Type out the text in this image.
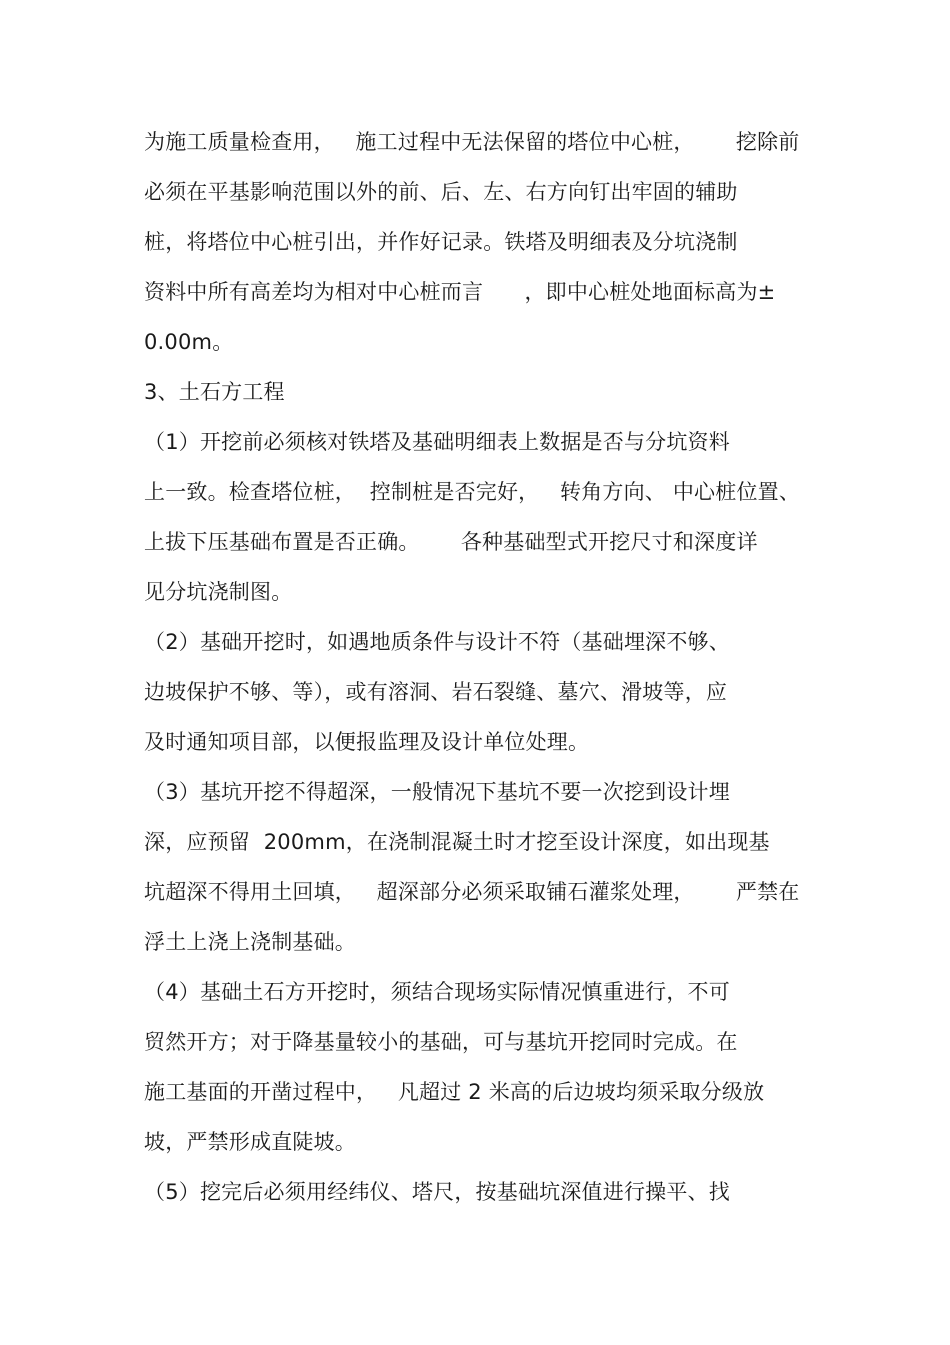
为施工质量检查用，   施工过程中无法保留的塔位中心桩，      挖除前
必须在平基影响范围以外的前、后、左、右方向钉出牢固的辅助
桩，将塔位中心桩引出，并作好记录。铁塔及明细表及分坑浇制
资料中所有高差均为相对中心桩而言      ，即中心桩处地面标高为±
0.00m。
3、土石方工程
（1）开挖前必须核对铁塔及基础明细表上数据是否与分坑资料
上一致。检查塔位桩，  控制桩是否完好，   转角方向、 中心桩位置、
上拔下压基础布置是否正确。      各种基础型式开挖尺寸和深度详
见分坑浇制图。
（2）基础开挖时，如遇地质条件与设计不符（基础埋深不够、
边坡保护不够、等），或有溶洞、岩石裂缝、墓穴、滑坡等，应
及时通知项目部，以便报监理及设计单位处理。
（3）基坑开挖不得超深，一般情况下基坑不要一次挖到设计埋
深，应预留  200mm，在浇制混凝土时才挖至设计深度，如出现基
坑超深不得用土回填，   超深部分必须采取铺石灌浆处理，      严禁在
浮土上浇上浇制基础。
（4）基础土石方开挖时，须结合现场实际情况慎重进行，不可
贸然开方；对于降基量较小的基础，可与基坑开挖同时完成。在
施工基面的开凿过程中，   凡超过 2 米高的后边坡均须采取分级放
坡，严禁形成直陡坡。
（5）挖完后必须用经纬仪、塔尺，按基础坑深值进行操平、找
